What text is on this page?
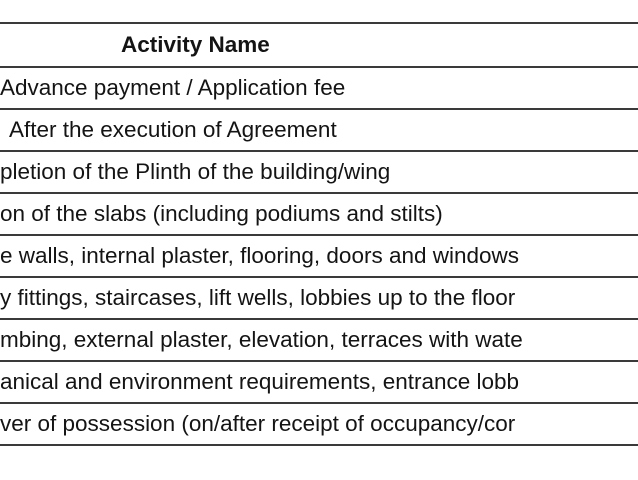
Activity Name
Advance payment / Application fee
After the execution of Agreement
pletion of the Plinth of the building/wing
on of the slabs (including podiums and stilts)
e walls, internal plaster, flooring, doors and windows
y fittings, staircases, lift wells, lobbies up to the floor
mbing, external plaster, elevation, terraces with wate
anical and environment requirements, entrance lobb
ver of possession (on/after receipt of occupancy/cor
